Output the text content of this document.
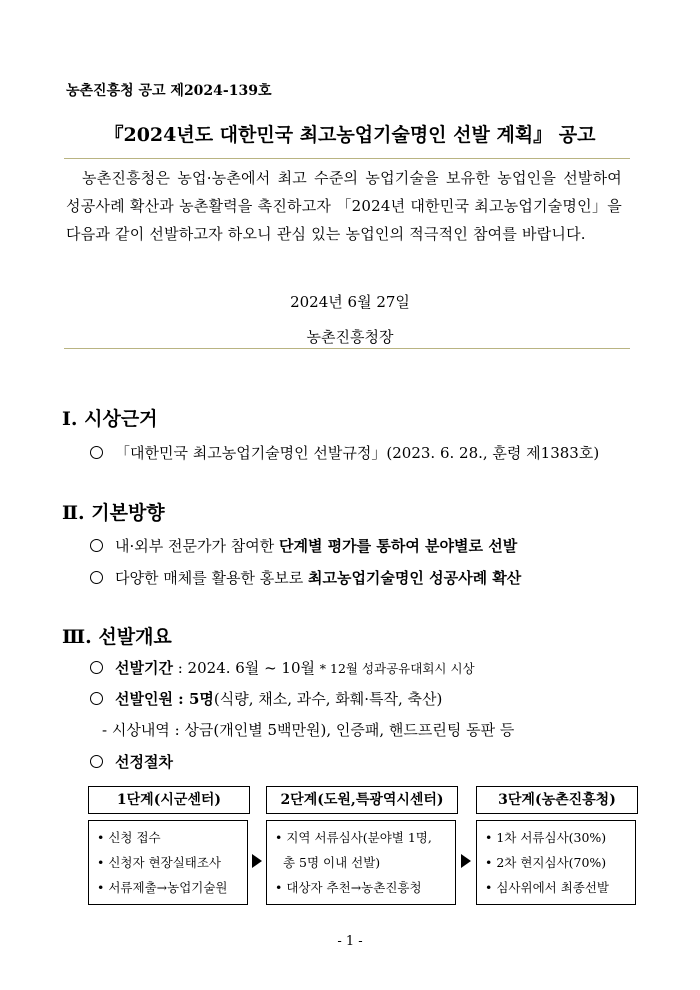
농촌진흥청 공고 제2024-139호
『2024년도 대한민국 최고농업기술명인 선발 계획』 공고
농촌진흥청은 농업·농촌에서 최고 수준의 농업기술을 보유한 농업인을 선발하여 성공사례 확산과 농촌활력을 촉진하고자 「2024년 대한민국 최고농업기술명인」을 다음과 같이 선발하고자 하오니 관심 있는 농업인의 적극적인 참여를 바랍니다.
2024년 6월 27일
농촌진흥청장
Ⅰ. 시상근거
「대한민국 최고농업기술명인 선발규정」(2023. 6. 28., 훈령 제1383호)
Ⅱ. 기본방향
내·외부 전문가가 참여한 단계별 평가를 통하여 분야별로 선발
다양한 매체를 활용한 홍보로 최고농업기술명인 성공사례 확산
Ⅲ. 선발개요
선발기간 : 2024. 6월 ~ 10월 * 12월 성과공유대회시 시상
선발인원 : 5명(식량, 채소, 과수, 화훼·특작, 축산)
- 시상내역 : 상금(개인별 5백만원), 인증패, 핸드프린팅 동판 등
선정절차
1단계(시군센터)	2단계(도원,특광역시센터)	3단계(농촌진흥청)
• 신청 접수
• 신청자 현장실태조사
• 서류제출→농업기술원
• 지역 서류심사(분야별 1명,
총 5명 이내 선발)
• 대상자 추천→농촌진흥청
• 1차 서류심사(30%)
• 2차 현지심사(70%)
• 심사위에서 최종선발
- 1 -
